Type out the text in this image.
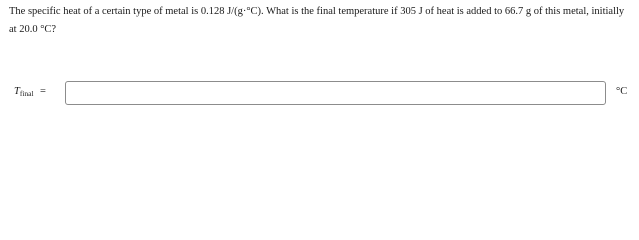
The specific heat of a certain type of metal is 0.128 J/(g·°C). What is the final temperature if 305 J of heat is added to 66.7 g of this metal, initially at 20.0 °C?

$T_{final}$ =	°C
